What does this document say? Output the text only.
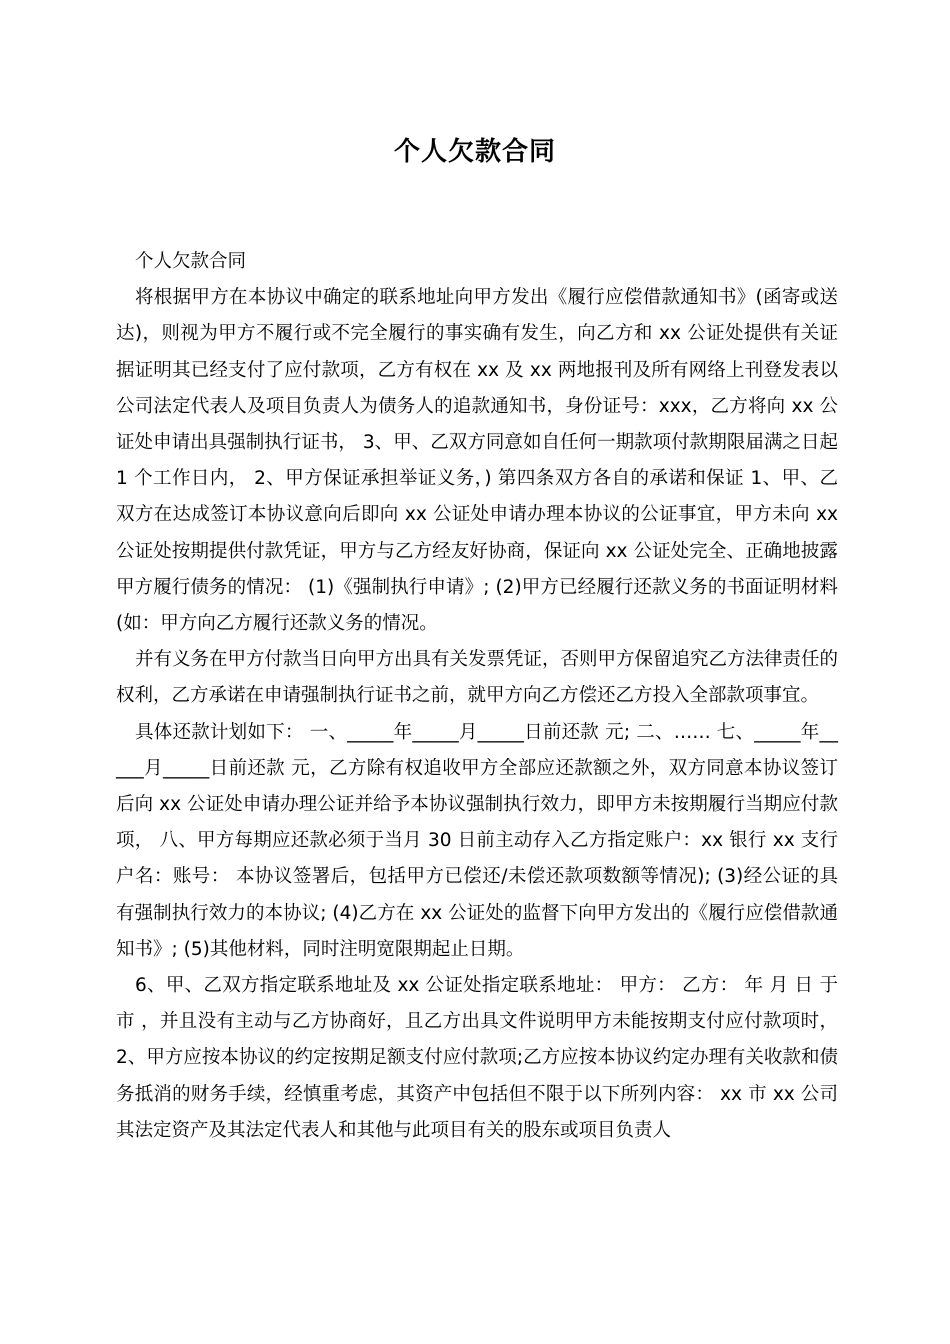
个人欠款合同

个人欠款合同

将根据甲方在本协议中确定的联系地址向甲方发出《履行应偿借款通知书》(函寄或送达)，则视为甲方不履行或不完全履行的事实确有发生，向乙方和 xx 公证处提供有关证据证明其已经支付了应付款项，乙方有权在 xx 及 xx 两地报刊及所有网络上刊登发表以公司法定代表人及项目负责人为债务人的追款通知书，身份证号：xxx，乙方将向 xx 公证处申请出具强制执行证书， 3、甲、乙双方同意如自任何一期款项付款期限届满之日起 1 个工作日内， 2、甲方保证承担举证义务，) 第四条双方各自的承诺和保证 1、甲、乙双方在达成签订本协议意向后即向 xx 公证处申请办理本协议的公证事宜，甲方未向 xx 公证处按期提供付款凭证，甲方与乙方经友好协商，保证向 xx 公证处完全、正确地披露甲方履行债务的情况： (1)《强制执行申请》; (2)甲方已经履行还款义务的书面证明材料(如：甲方向乙方履行还款义务的情况。

并有义务在甲方付款当日向甲方出具有关发票凭证，否则甲方保留追究乙方法律责任的权利，乙方承诺在申请强制执行证书之前，就甲方向乙方偿还乙方投入全部款项事宜。

具体还款计划如下： 一、_____年_____月_____日前还款 元; 二、…… 七、_____年_____月_____日前还款 元，乙方除有权追收甲方全部应还款额之外，双方同意本协议签订后向 xx 公证处申请办理公证并给予本协议强制执行效力，即甲方未按期履行当期应付款项， 八、甲方每期应还款必须于当月 30 日前主动存入乙方指定账户：xx 银行 xx 支行 户名：账号： 本协议签署后，包括甲方已偿还/未偿还款项数额等情况); (3)经公证的具有强制执行效力的本协议; (4)乙方在 xx 公证处的监督下向甲方发出的《履行应偿借款通知书》; (5)其他材料，同时注明宽限期起止日期。

6、甲、乙双方指定联系地址及 xx 公证处指定联系地址： 甲方： 乙方： 年 月 日 于 市 ，并且没有主动与乙方协商好，且乙方出具文件说明甲方未能按期支付应付款项时， 2、甲方应按本协议的约定按期足额支付应付款项;乙方应按本协议约定办理有关收款和债务抵消的财务手续，经慎重考虑，其资产中包括但不限于以下所列内容： xx 市 xx 公司其法定资产及其法定代表人和其他与此项目有关的股东或项目负责人
